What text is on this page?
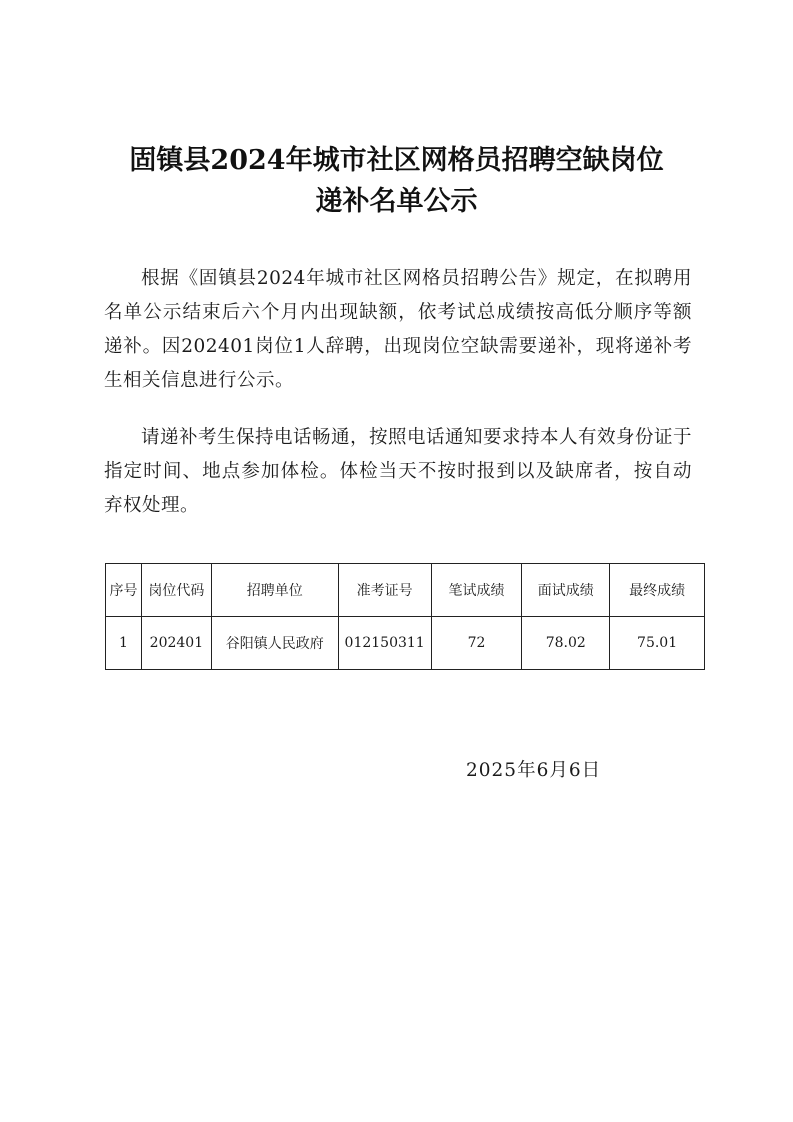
固镇县2024年城市社区网格员招聘空缺岗位
递补名单公示

根据《固镇县2024年城市社区网格员招聘公告》规定，在拟聘用名单公示结束后六个月内出现缺额，依考试总成绩按高低分顺序等额递补。因202401岗位1人辞聘，出现岗位空缺需要递补，现将递补考生相关信息进行公示。

请递补考生保持电话畅通，按照电话通知要求持本人有效身份证于指定时间、地点参加体检。体检当天不按时报到以及缺席者，按自动弃权处理。

序号	岗位代码	招聘单位	准考证号	笔试成绩	面试成绩	最终成绩
1	202401	谷阳镇人民政府	012150311	72	78.02	75.01
2025年6月6日
